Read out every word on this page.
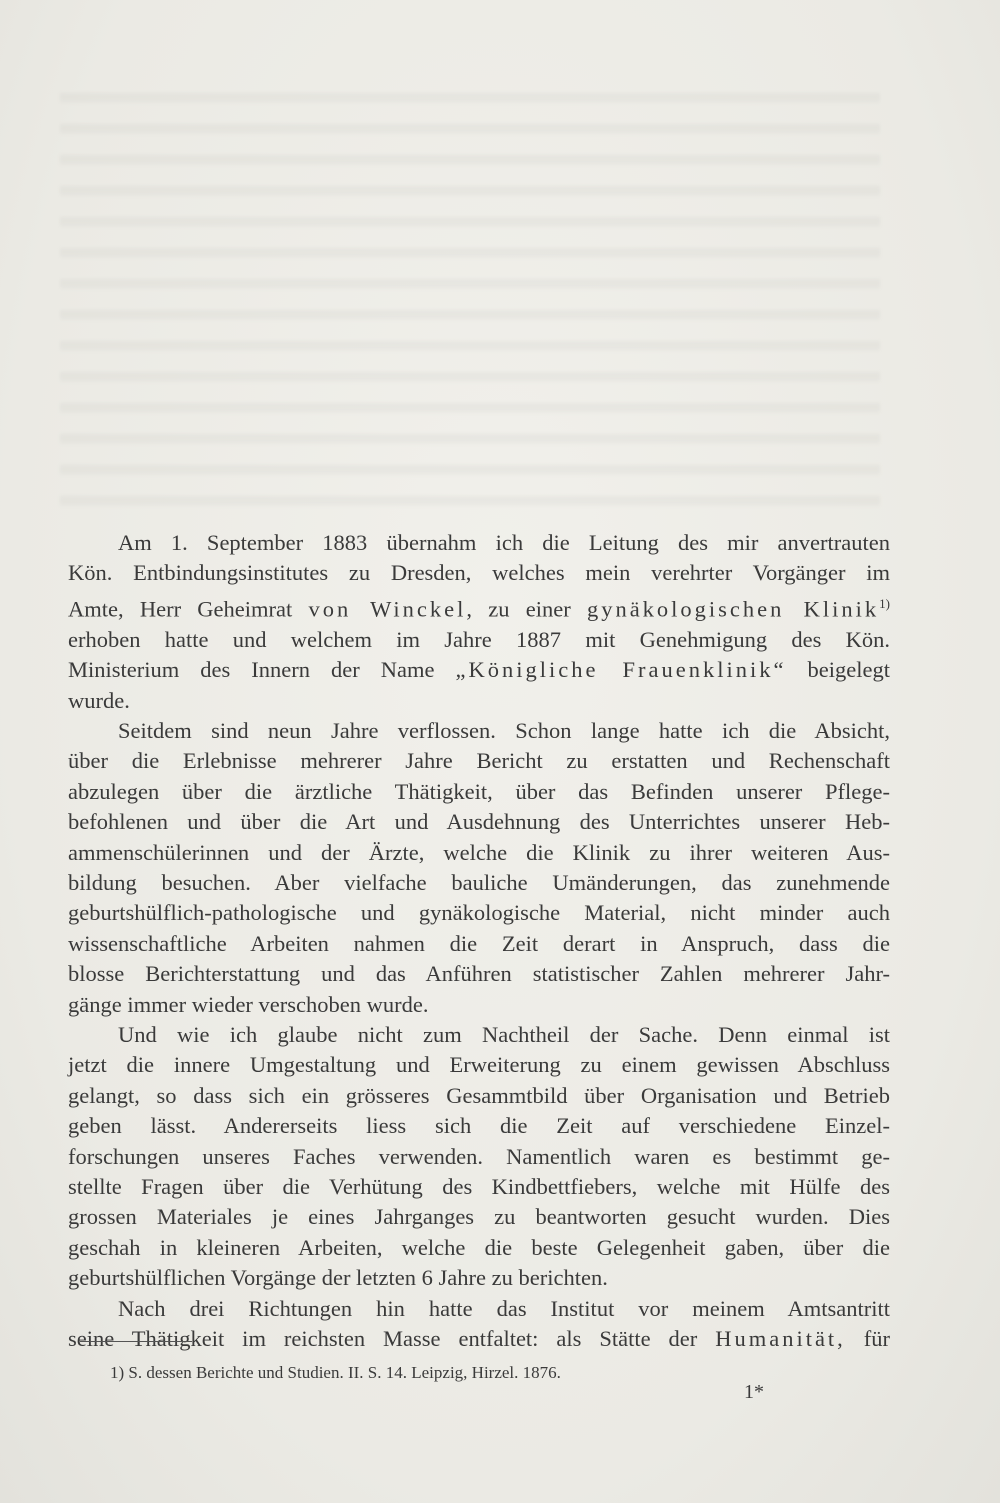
Am 1. September 1883 übernahm ich die Leitung des mir anvertrauten
Kön. Entbindungsinstitutes zu Dresden, welches mein verehrter Vorgänger im
Amte, Herr Geheimrat von Winckel, zu einer gynäkologischen Klinik$^{1)}$
erhoben hatte und welchem im Jahre 1887 mit Genehmigung des Kön.
Ministerium des Innern der Name „Königliche Frauenklinik“ beigelegt
wurde.
Seitdem sind neun Jahre verflossen. Schon lange hatte ich die Absicht,
über die Erlebnisse mehrerer Jahre Bericht zu erstatten und Rechenschaft
abzulegen über die ärztliche Thätigkeit, über das Befinden unserer Pflege-
befohlenen und über die Art und Ausdehnung des Unterrichtes unserer Heb-
ammenschülerinnen und der Ärzte, welche die Klinik zu ihrer weiteren Aus-
bildung besuchen. Aber vielfache bauliche Umänderungen, das zunehmende
geburtshülflich-pathologische und gynäkologische Material, nicht minder auch
wissenschaftliche Arbeiten nahmen die Zeit derart in Anspruch, dass die
blosse Berichterstattung und das Anführen statistischer Zahlen mehrerer Jahr-
gänge immer wieder verschoben wurde.
Und wie ich glaube nicht zum Nachtheil der Sache. Denn einmal ist
jetzt die innere Umgestaltung und Erweiterung zu einem gewissen Abschluss
gelangt, so dass sich ein grösseres Gesammtbild über Organisation und Betrieb
geben lässt. Andererseits liess sich die Zeit auf verschiedene Einzel-
forschungen unseres Faches verwenden. Namentlich waren es bestimmt ge-
stellte Fragen über die Verhütung des Kindbettfiebers, welche mit Hülfe des
grossen Materiales je eines Jahrganges zu beantworten gesucht wurden. Dies
geschah in kleineren Arbeiten, welche die beste Gelegenheit gaben, über die
geburtshülflichen Vorgänge der letzten 6 Jahre zu berichten.
Nach drei Richtungen hin hatte das Institut vor meinem Amtsantritt
seine Thätigkeit im reichsten Masse entfaltet: als Stätte der Humanität, für
1) S. dessen Berichte und Studien. II. S. 14. Leipzig, Hirzel. 1876.
1*
